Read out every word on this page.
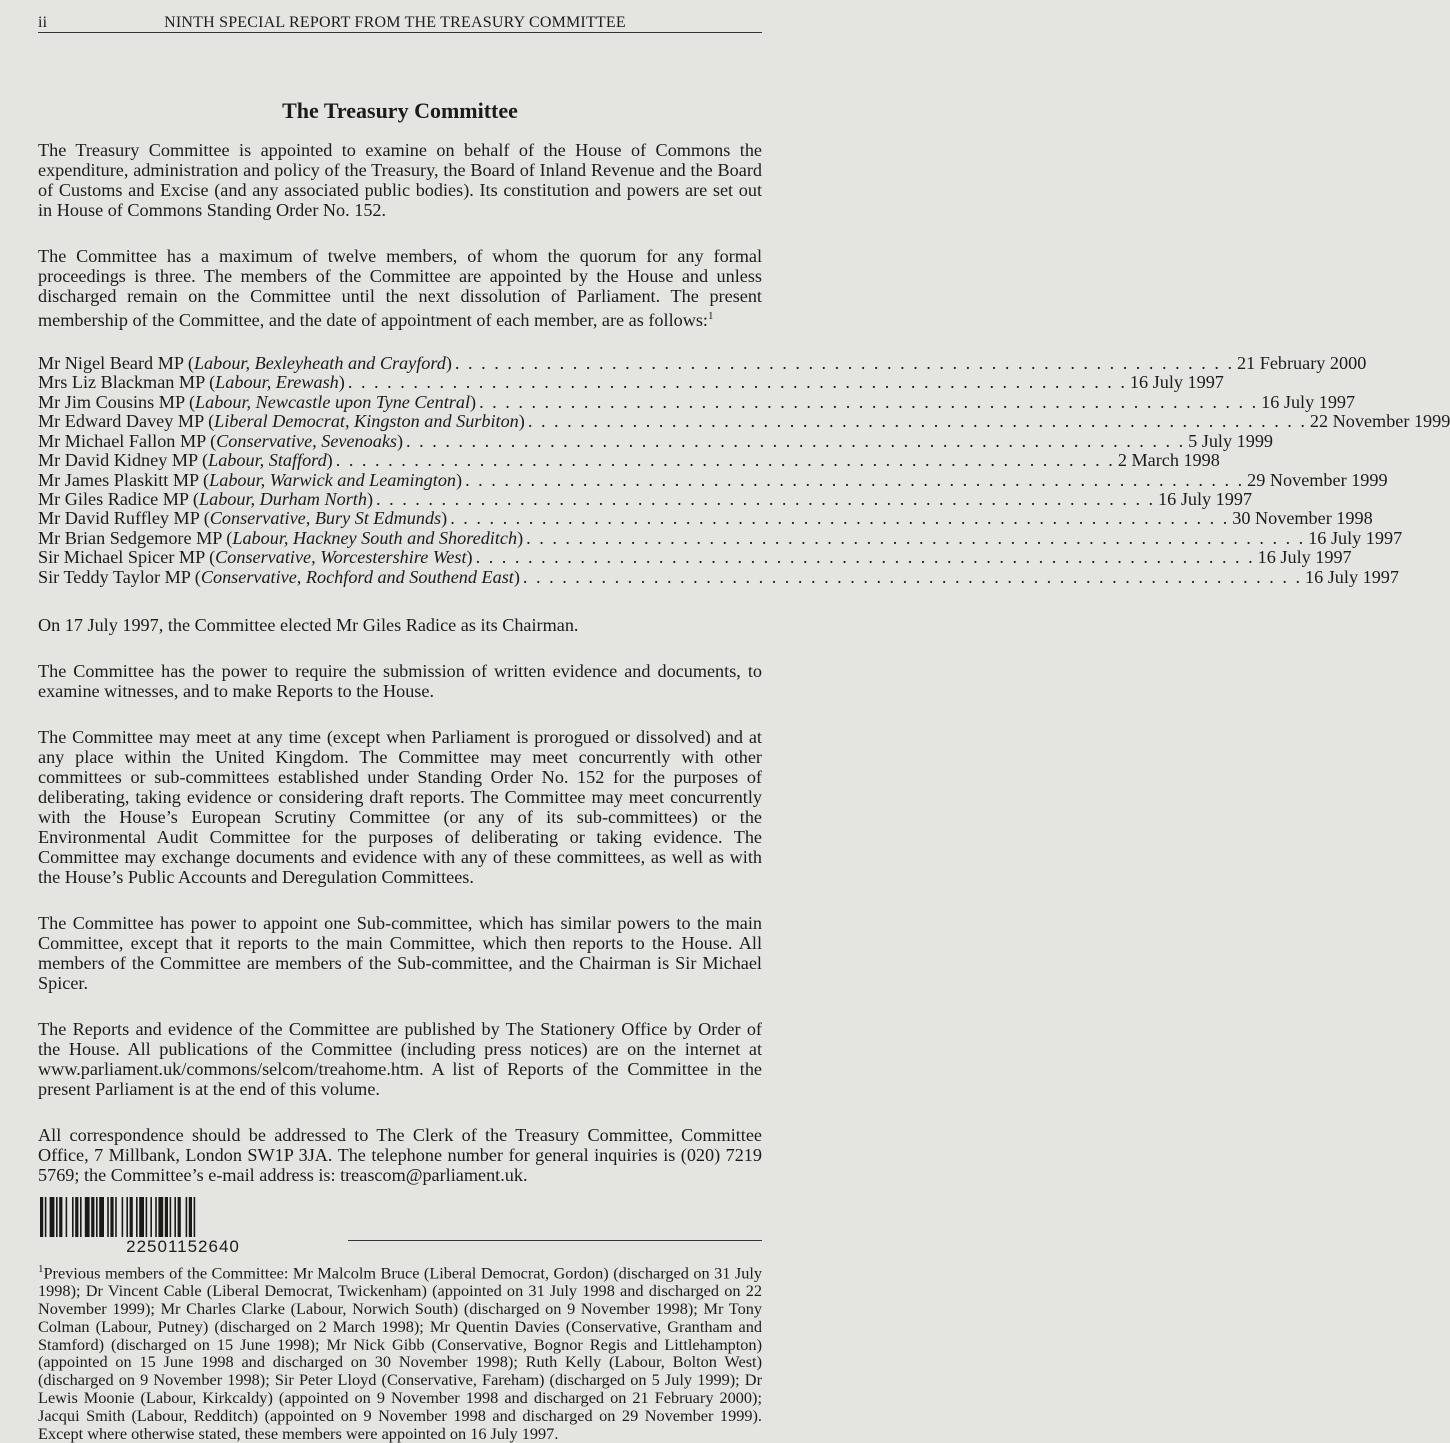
ii	NINTH SPECIAL REPORT FROM THE TREASURY COMMITTEE
The Treasury Committee

The Treasury Committee is appointed to examine on behalf of the House of Commons the expenditure, administration and policy of the Treasury, the Board of Inland Revenue and the Board of Customs and Excise (and any associated public bodies). Its constitution and powers are set out in House of Commons Standing Order No. 152.

The Committee has a maximum of twelve members, of whom the quorum for any formal proceedings is three. The members of the Committee are appointed by the House and unless discharged remain on the Committee until the next dissolution of Parliament. The present membership of the Committee, and the date of appointment of each member, are as follows:$^1$

Mr Nigel Beard MP (Labour, Bexleyheath and Crayford) . . . . . . . . . . . . . . . . . . . . . . . . . . . . . . . . . . . . . . . . . . . . . . . . . . . . . . . . . . . . 21 February 2000
Mrs Liz Blackman MP (Labour, Erewash) . . . . . . . . . . . . . . . . . . . . . . . . . . . . . . . . . . . . . . . . . . . . . . . . . . . . . . . . . . . . 16 July 1997
Mr Jim Cousins MP (Labour, Newcastle upon Tyne Central) . . . . . . . . . . . . . . . . . . . . . . . . . . . . . . . . . . . . . . . . . . . . . . . . . . . . . . . . . . . . 16 July 1997
Mr Edward Davey MP (Liberal Democrat, Kingston and Surbiton) . . . . . . . . . . . . . . . . . . . . . . . . . . . . . . . . . . . . . . . . . . . . . . . . . . . . . . . . . . . . 22 November 1999
Mr Michael Fallon MP (Conservative, Sevenoaks) . . . . . . . . . . . . . . . . . . . . . . . . . . . . . . . . . . . . . . . . . . . . . . . . . . . . . . . . . . . . 5 July 1999
Mr David Kidney MP (Labour, Stafford) . . . . . . . . . . . . . . . . . . . . . . . . . . . . . . . . . . . . . . . . . . . . . . . . . . . . . . . . . . . . 2 March 1998
Mr James Plaskitt MP (Labour, Warwick and Leamington) . . . . . . . . . . . . . . . . . . . . . . . . . . . . . . . . . . . . . . . . . . . . . . . . . . . . . . . . . . . . 29 November 1999
Mr Giles Radice MP (Labour, Durham North) . . . . . . . . . . . . . . . . . . . . . . . . . . . . . . . . . . . . . . . . . . . . . . . . . . . . . . . . . . . . 16 July 1997
Mr David Ruffley MP (Conservative, Bury St Edmunds) . . . . . . . . . . . . . . . . . . . . . . . . . . . . . . . . . . . . . . . . . . . . . . . . . . . . . . . . . . . . 30 November 1998
Mr Brian Sedgemore MP (Labour, Hackney South and Shoreditch) . . . . . . . . . . . . . . . . . . . . . . . . . . . . . . . . . . . . . . . . . . . . . . . . . . . . . . . . . . . . 16 July 1997
Sir Michael Spicer MP (Conservative, Worcestershire West) . . . . . . . . . . . . . . . . . . . . . . . . . . . . . . . . . . . . . . . . . . . . . . . . . . . . . . . . . . . . 16 July 1997
Sir Teddy Taylor MP (Conservative, Rochford and Southend East) . . . . . . . . . . . . . . . . . . . . . . . . . . . . . . . . . . . . . . . . . . . . . . . . . . . . . . . . . . . . 16 July 1997

On 17 July 1997, the Committee elected Mr Giles Radice as its Chairman.

The Committee has the power to require the submission of written evidence and documents, to examine witnesses, and to make Reports to the House.

The Committee may meet at any time (except when Parliament is prorogued or dissolved) and at any place within the United Kingdom. The Committee may meet concurrently with other committees or sub-committees established under Standing Order No. 152 for the purposes of deliberating, taking evidence or considering draft reports. The Committee may meet concurrently with the House’s European Scrutiny Committee (or any of its sub-committees) or the Environmental Audit Committee for the purposes of deliberating or taking evidence. The Committee may exchange documents and evidence with any of these committees, as well as with the House’s Public Accounts and Deregulation Committees.

The Committee has power to appoint one Sub-committee, which has similar powers to the main Committee, except that it reports to the main Committee, which then reports to the House. All members of the Committee are members of the Sub-committee, and the Chairman is Sir Michael Spicer.

The Reports and evidence of the Committee are published by The Stationery Office by Order of the House. All publications of the Committee (including press notices) are on the internet at www.parliament.uk/commons/selcom/treahome.htm. A list of Reports of the Committee in the present Parliament is at the end of this volume.

All correspondence should be addressed to The Clerk of the Treasury Committee, Committee Office, 7 Millbank, London SW1P 3JA. The telephone number for general inquiries is (020) 7219 5769; the Committee’s e-mail address is: treascom@parliament.uk.

22501152640

$^1$Previous members of the Committee: Mr Malcolm Bruce (Liberal Democrat, Gordon) (discharged on 31 July 1998); Dr Vincent Cable (Liberal Democrat, Twickenham) (appointed on 31 July 1998 and discharged on 22 November 1999); Mr Charles Clarke (Labour, Norwich South) (discharged on 9 November 1998); Mr Tony Colman (Labour, Putney) (discharged on 2 March 1998); Mr Quentin Davies (Conservative, Grantham and Stamford) (discharged on 15 June 1998); Mr Nick Gibb (Conservative, Bognor Regis and Littlehampton) (appointed on 15 June 1998 and discharged on 30 November 1998); Ruth Kelly (Labour, Bolton West) (discharged on 9 November 1998); Sir Peter Lloyd (Conservative, Fareham) (discharged on 5 July 1999); Dr Lewis Moonie (Labour, Kirkcaldy) (appointed on 9 November 1998 and discharged on 21 February 2000); Jacqui Smith (Labour, Redditch) (appointed on 9 November 1998 and discharged on 29 November 1999). Except where otherwise stated, these members were appointed on 16 July 1997.
